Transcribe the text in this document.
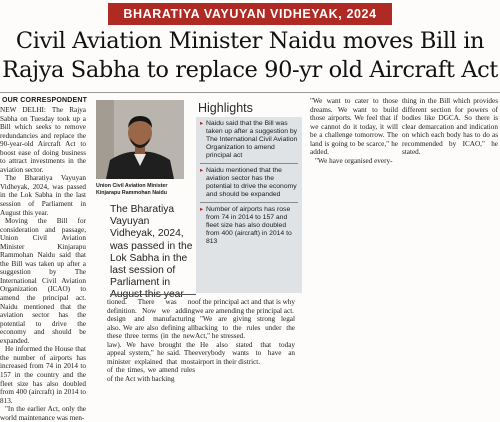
BHARATIYA VAYUYAN VIDHEYAK, 2024
Civil Aviation Minister Naidu moves Bill in
Rajya Sabha to replace 90-yr old Aircraft Act
OUR CORRESPONDENT

NEW DELHI: The Rajya Sabha on Tuesday took up a Bill which seeks to remove redundancies and replace the 90-year-old Aircraft Act to boost ease of doing business to attract investments in the aviation sector.

The Bharatiya Vayuyan Vidheyak, 2024, was passed in the Lok Sabha in the last session of Parliament in August this year.

Moving the Bill for consideration and passage, Union Civil Aviation Minister Kinjarapu Rammohan Naidu said that the Bill was taken up after a suggestion by The International Civil Aviation Organization (ICAO) to amend the principal act. Naidu mentioned that the aviation sector has the potential to drive the economy and should be expanded.

He informed the House that the number of airports has increased from 74 in 2014 to 157 in the country and the fleet size has also doubled from 400 (aircraft) in 2014 to 813.

"In the earlier Act, only the world maintenance was men-

Union Civil Aviation Minister
Kinjarapu Rammohan Naidu
The Bharatiya Vayuyan Vidheyak, 2024, was passed in the Lok Sabha in the last session of Parliament in
Highlights
▸ Naidu said that the Bill was taken up after a suggestion by The International Civil Aviation Organization to amend principal act
▸ Naidu mentioned that the aviation sector has the potential to drive the economy and should be expanded
▸ Number of airports has rose from 74 in 2014 to 157 and fleet size has also doubled from 400 (aircraft) in 2014 to 813

tioned. There was no definition. Now we adding design and manufacturing also. We are also defining all these three terms (in the new law). We have brought the appeal system," he said. The minister explained that most of the times, we amend rules of the Act with backing

of the principal act and that is why we are amending the principal act.

"We are giving strong legal backing to the rules under the Act," he stressed.

He also stated that today everybody wants to have an airport in their district.

"We want to cater to those dreams. We want to build those airports. We feel that if we cannot do it today, it will be a challenge tomorrow. The land is going to be scarce," he added.

"We have organised every-

thing in the Bill which provides different section for powers of bodies like DGCA. So there is clear demarcation and indication on which each body has to do as recommended by ICAO," he stated.
